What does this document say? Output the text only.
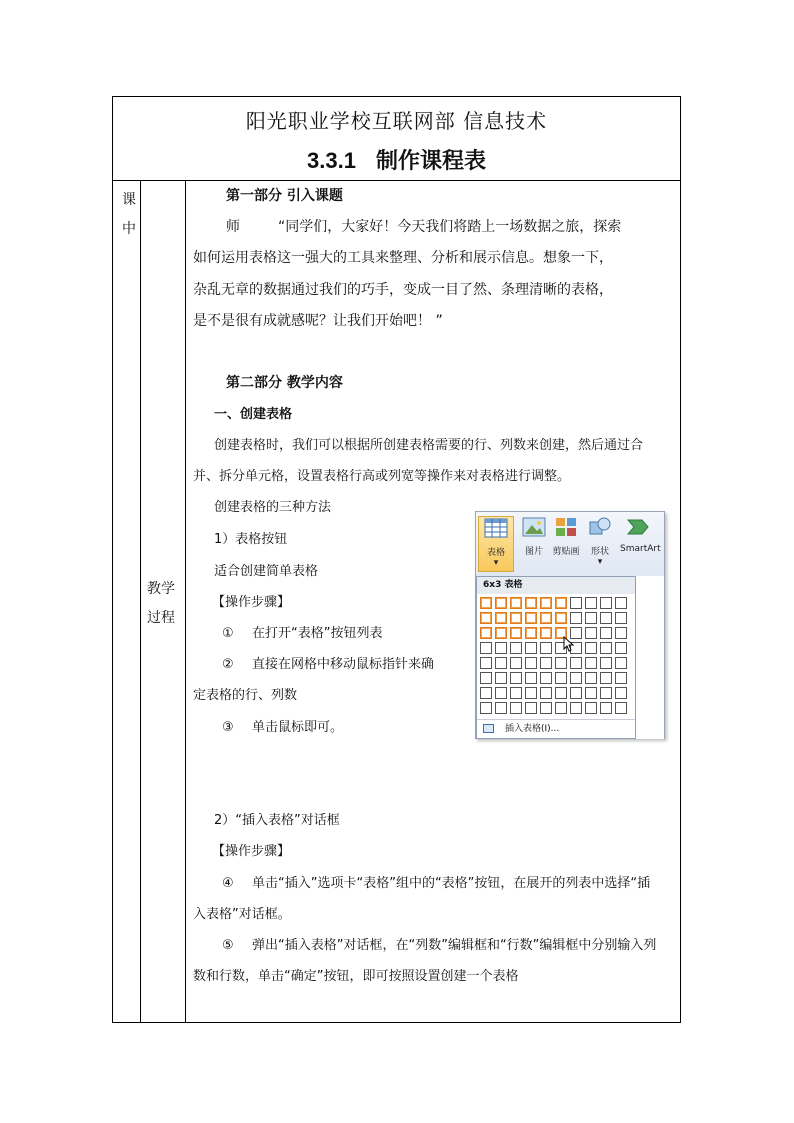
阳光职业学校互联网部 信息技术
3.3.1 制作课程表
课
中
教学
过程
第一部分 引入课题
师	“同学们，大家好！今天我们将踏上一场数据之旅，探索
如何运用表格这一强大的工具来整理、分析和展示信息。想象一下，
杂乱无章的数据通过我们的巧手，变成一目了然、条理清晰的表格，
是不是很有成就感呢？让我们开始吧！ ”
第二部分 教学内容
一、创建表格
创建表格时，我们可以根据所创建表格需要的行、列数来创建，然后通过合
并、拆分单元格，设置表格行高或列宽等操作来对表格进行调整。
创建表格的三种方法
1）表格按钮
适合创建简单表格
【操作步骤】
① 在打开“表格”按钮列表
② 直接在网格中移动鼠标指针来确
定表格的行、列数
③ 单击鼠标即可。
2）“插入表格”对话框
【操作步骤】
④ 单击“插入”选项卡“表格”组中的“表格”按钮，在展开的列表中选择“插
入表格”对话框。
⑤ 弹出“插入表格”对话框，在“列数”编辑框和“行数”编辑框中分别输入列
数和行数，单击“确定”按钮，即可按照设置创建一个表格
表格
▾
图片	剪贴画	形状
▾
SmartArt
6x3 表格
插入表格(I)...
